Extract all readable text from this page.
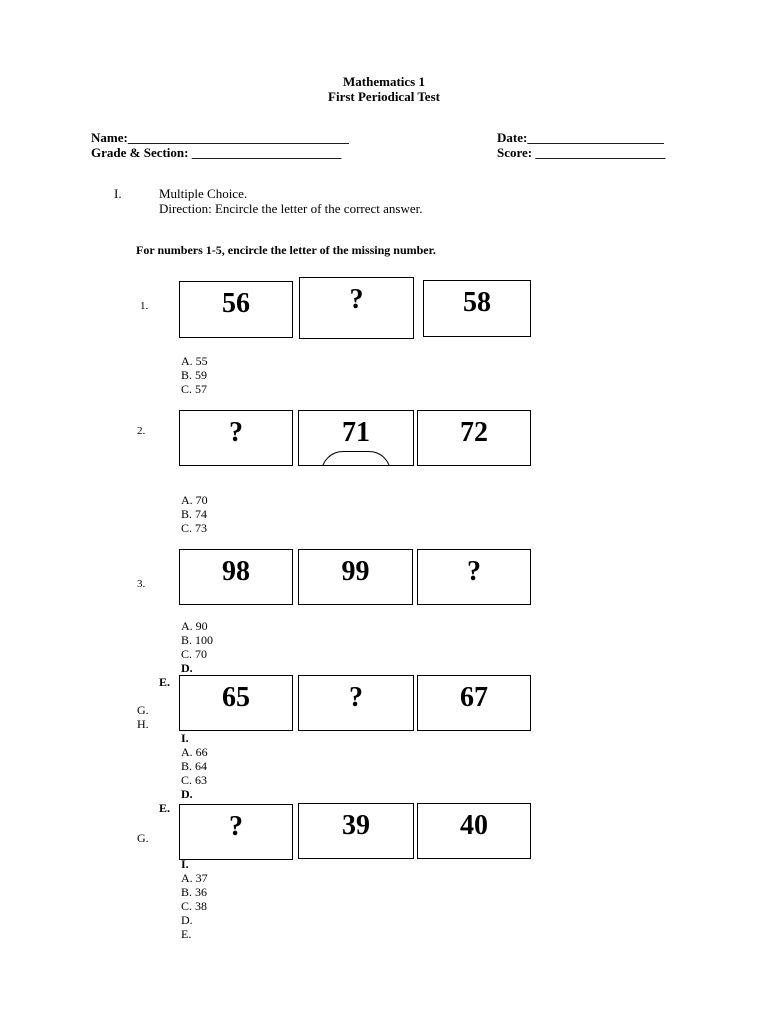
Mathematics 1
First Periodical Test
Name:__________________________________	Date:_____________________
Grade & Section: _______________________	Score: ____________________
I.	Multiple Choice.
Direction: Encircle the letter of the correct answer.
For numbers 1-5, encircle the letter of the missing number.
1.	56	?	58
A. 55
B. 59
C. 57
2.	?	71	72
A. 70
B. 74
C. 73
3.	98	99	?
A. 90
B. 100
C. 70
D.
E.
G.
H.
65	?	67
I.
A. 66
B. 64
C. 63
D.
E.
G.	?	39	40
I.
A. 37
B. 36
C. 38
D.
E.
